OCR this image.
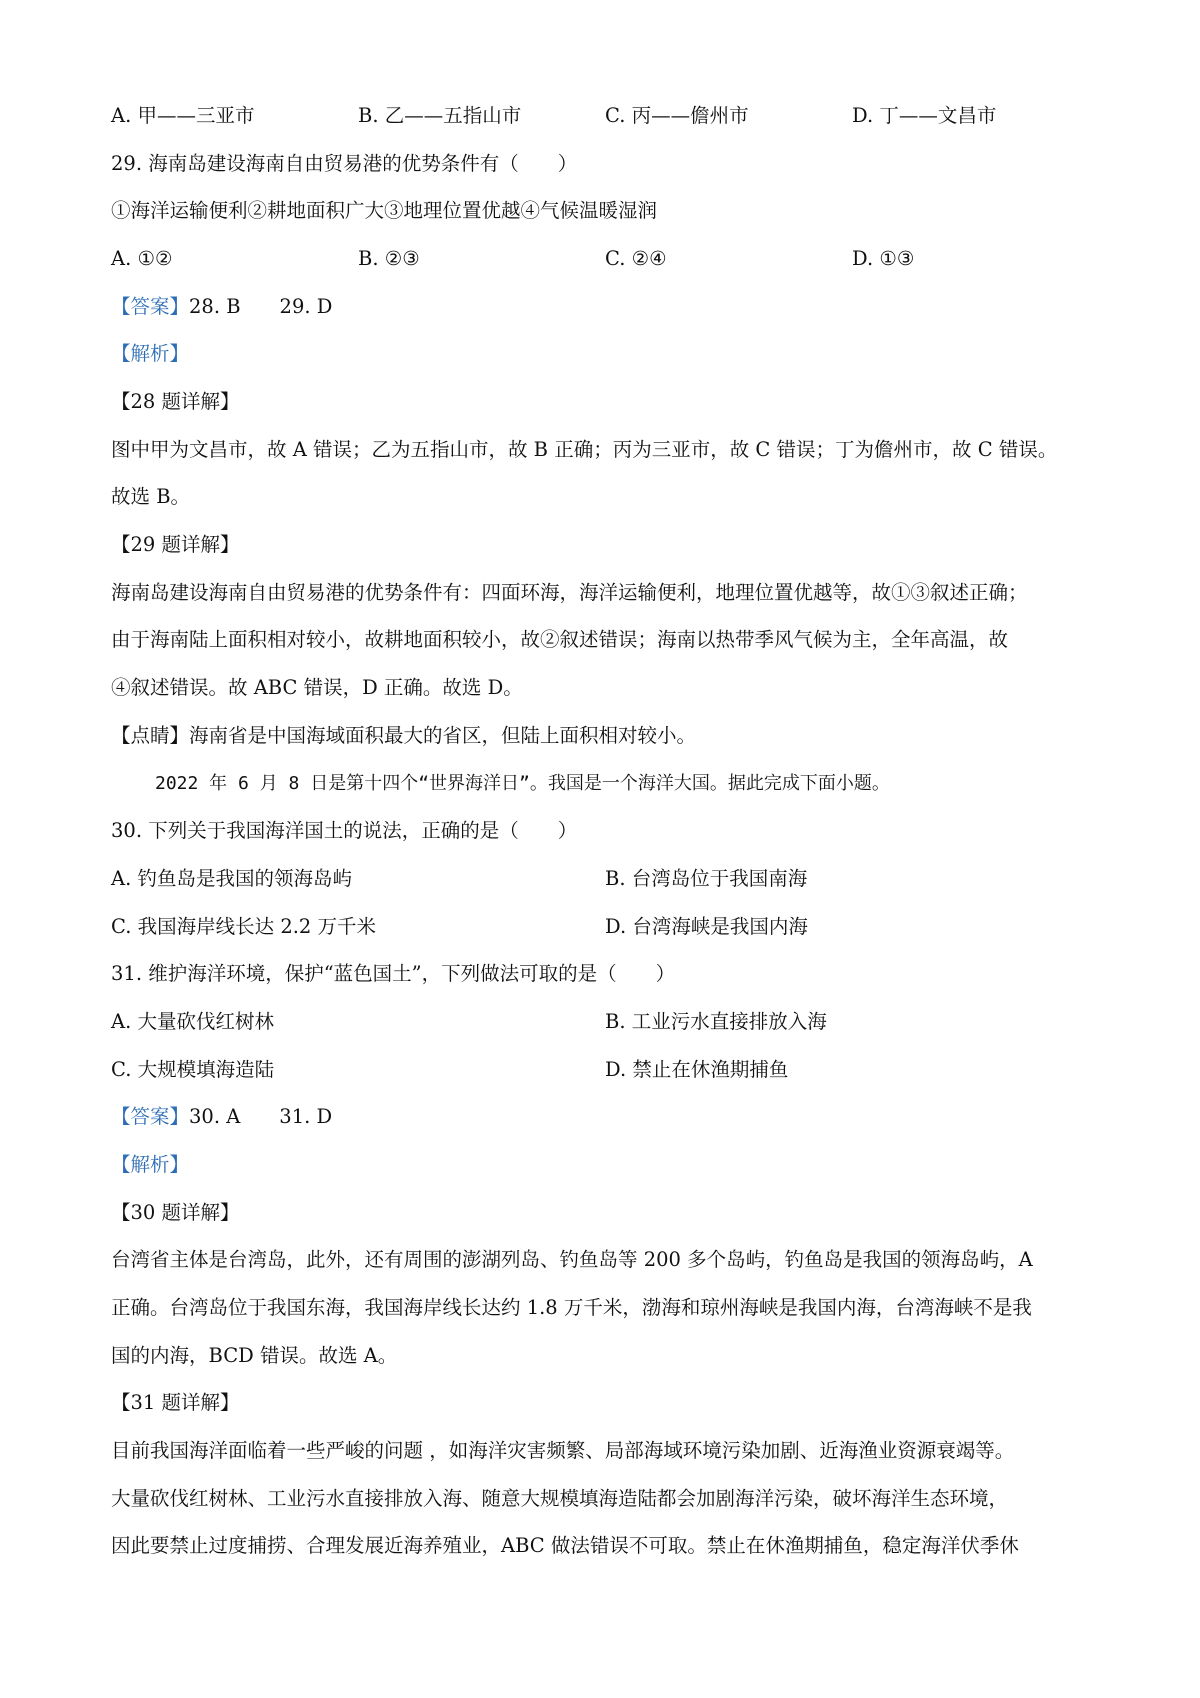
A. 甲——三亚市	B. 乙——五指山市	C. 丙——儋州市	D. 丁——文昌市
29. 海南岛建设海南自由贸易港的优势条件有（　　）
①海洋运输便利②耕地面积广大③地理位置优越④气候温暖湿润
A. ①②	B. ②③	C. ②④	D. ①③
【答案】28. B　　29. D
【解析】
【28 题详解】
图中甲为文昌市，故 A 错误；乙为五指山市，故 B 正确；丙为三亚市，故 C 错误；丁为儋州市，故 C 错误。
故选 B。
【29 题详解】
海南岛建设海南自由贸易港的优势条件有：四面环海，海洋运输便利，地理位置优越等，故①③叙述正确；
由于海南陆上面积相对较小，故耕地面积较小，故②叙述错误；海南以热带季风气候为主，全年高温，故
④叙述错误。故 ABC 错误，D 正确。故选 D。
【点睛】海南省是中国海域面积最大的省区，但陆上面积相对较小。
2022 年 6 月 8 日是第十四个“世界海洋日”。我国是一个海洋大国。据此完成下面小题。
30. 下列关于我国海洋国土的说法，正确的是（　　）
A. 钓鱼岛是我国的领海岛屿	B. 台湾岛位于我国南海
C. 我国海岸线长达 2.2 万千米	D. 台湾海峡是我国内海
31. 维护海洋环境，保护“蓝色国土”，下列做法可取的是（　　）
A. 大量砍伐红树林	B. 工业污水直接排放入海
C. 大规模填海造陆	D. 禁止在休渔期捕鱼
【答案】30. A　　31. D
【解析】
【30 题详解】
台湾省主体是台湾岛，此外，还有周围的澎湖列岛、钓鱼岛等 200 多个岛屿，钓鱼岛是我国的领海岛屿，A
正确。台湾岛位于我国东海，我国海岸线长达约 1.8 万千米，渤海和琼州海峡是我国内海，台湾海峡不是我
国的内海，BCD 错误。故选 A。
【31 题详解】
目前我国海洋面临着一些严峻的问题 ，如海洋灾害频繁、局部海域环境污染加剧、近海渔业资源衰竭等。
大量砍伐红树林、工业污水直接排放入海、随意大规模填海造陆都会加剧海洋污染，破坏海洋生态环境，
因此要禁止过度捕捞、合理发展近海养殖业，ABC 做法错误不可取。禁止在休渔期捕鱼，稳定海洋伏季休
